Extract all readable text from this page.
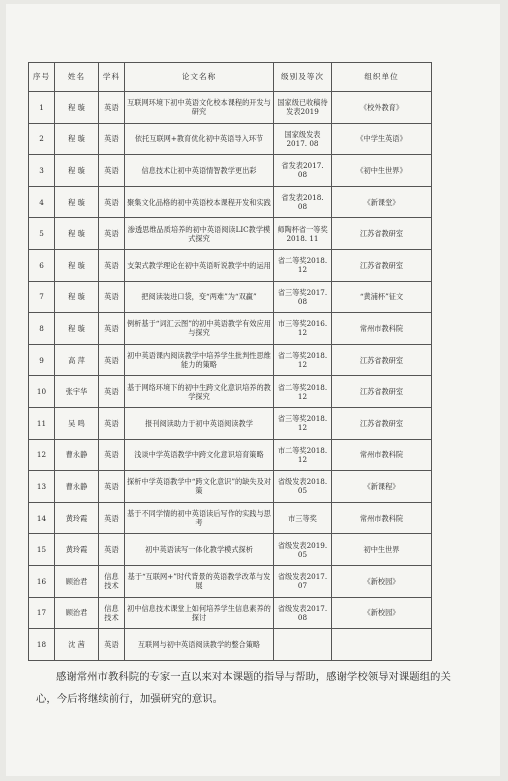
序号	姓名	学科	论文名称	级别及等次	组织单位
1	程 璇	英语	互联网环境下初中英语文化校本课程的开发与研究	国家级已收稿待发表2019	《校外教育》
2	程 璇	英语	依托互联网+教育优化初中英语导入环节	国家级发表2017. 08	《中学生英语》
3	程 璇	英语	信息技术让初中英语情智教学更出彩	省发表2017. 08	《初中生世界》
4	程 璇	英语	聚集文化品格的初中英语校本课程开发和实践	省发表2018. 08	《新课堂》
5	程 璇	英语	渗透思维品质培养的初中英语阅读LIC教学模式探究	师陶杯省一等奖2018. 11	江苏省教研室
6	程 璇	英语	支架式教学理论在初中英语听说教学中的运用	省二等奖2018. 12	江苏省教研室
7	程 璇	英语	把阅读装进口袋，变“两难”为“双赢”	省三等奖2017. 08	“黄浦杯”征文
8	程 璇	英语	例析基于“词汇云图”的初中英语教学有效应用与探究	市三等奖2016. 12	常州市教科院
9	高 萍	英语	初中英语课内阅读教学中培养学生批判性思维能力的策略	省二等奖2018. 12	江苏省教研室
10	张宇华	英语	基于网络环境下的初中生跨文化意识培养的教学探究	省二等奖2018. 12	江苏省教研室
11	吴 鸣	英语	报刊阅读助力于初中英语阅读教学	省三等奖2018. 12	江苏省教研室
12	曹永静	英语	浅谈中学英语教学中跨文化意识培育策略	市二等奖2018. 12	常州市教科院
13	曹永静	英语	探析中学英语教学中“跨文化意识”的缺失及对策	省级发表2018. 05	《新课程》
14	黄玲霞	英语	基于不同学情的初中英语读后写作的实践与思考	市三等奖	常州市教科院
15	黄玲霞	英语	初中英语读写一体化教学模式探析	省级发表2019. 05	初中生世界
16	顾治君	信息技术	基于“互联网+”时代背景的英语教学改革与发展	省级发表2017. 07	《新校园》
17	顾治君	信息技术	初中信息技术课堂上如何培养学生信息素养的探讨	省级发表2017. 08	《新校园》
18	沈 茜	英语	互联网与初中英语阅读教学的整合策略		

感谢常州市教科院的专家一直以来对本课题的指导与帮助，感谢学校领导对课题组的关心，今后将继续前行，加强研究的意识。
